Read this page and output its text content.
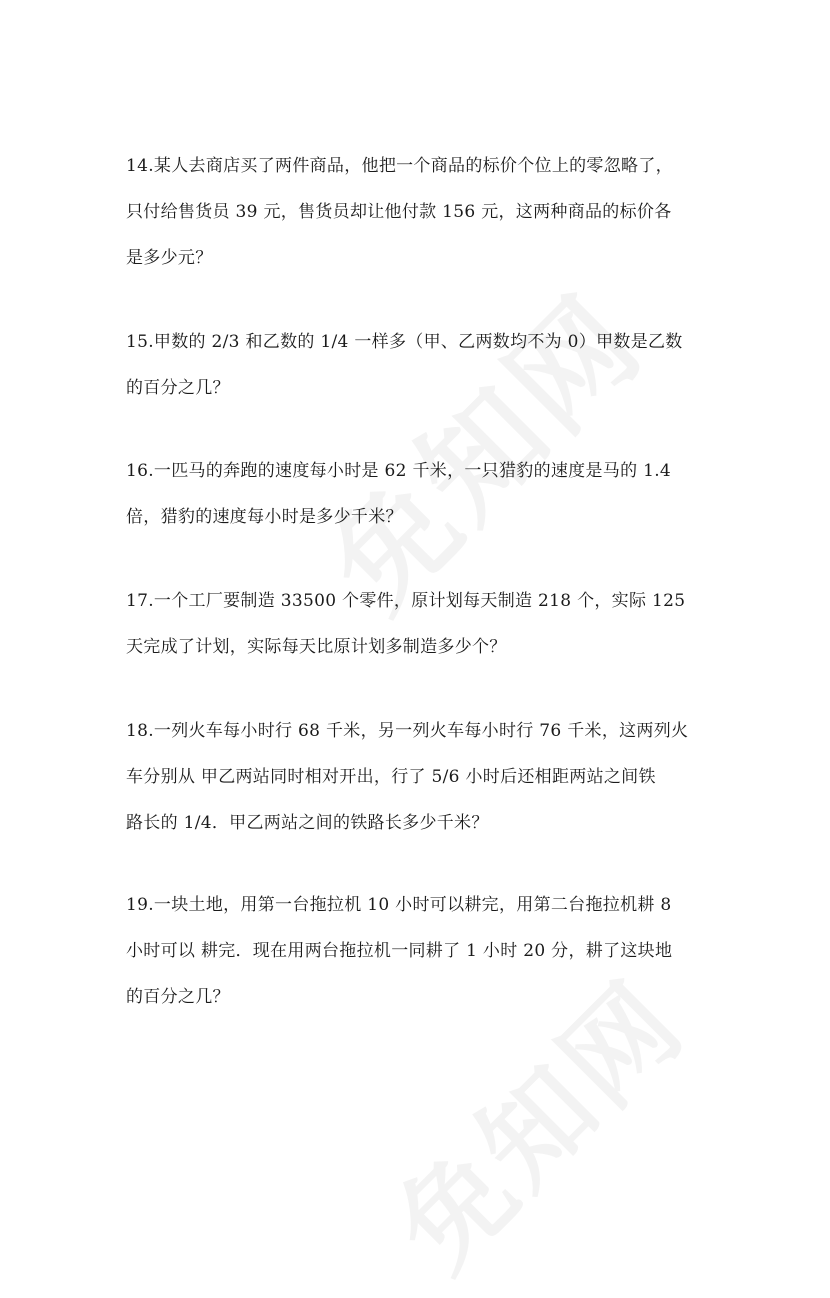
14.某人去商店买了两件商品，他把一个商品的标价个位上的零忽略了，
只付给售货员 39 元，售货员却让他付款 156 元，这两种商品的标价各
是多少元？
15.甲数的 2/3 和乙数的 1/4 一样多（甲、乙两数均不为 0）甲数是乙数
的百分之几？
16.一匹马的奔跑的速度每小时是 62 千米，一只猎豹的速度是马的 1.4
倍，猎豹的速度每小时是多少千米？
17.一个工厂要制造 33500 个零件，原计划每天制造 218 个，实际 125
天完成了计划，实际每天比原计划多制造多少个？
18.一列火车每小时行 68 千米，另一列火车每小时行 76 千米，这两列火
车分别从 甲乙两站同时相对开出，行了 5/6 小时后还相距两站之间铁
路长的 1/4．甲乙两站之间的铁路长多少千米？
19.一块土地，用第一台拖拉机 10 小时可以耕完，用第二台拖拉机耕 8
小时可以 耕完．现在用两台拖拉机一同耕了 1 小时 20 分，耕了这块地
的百分之几？
